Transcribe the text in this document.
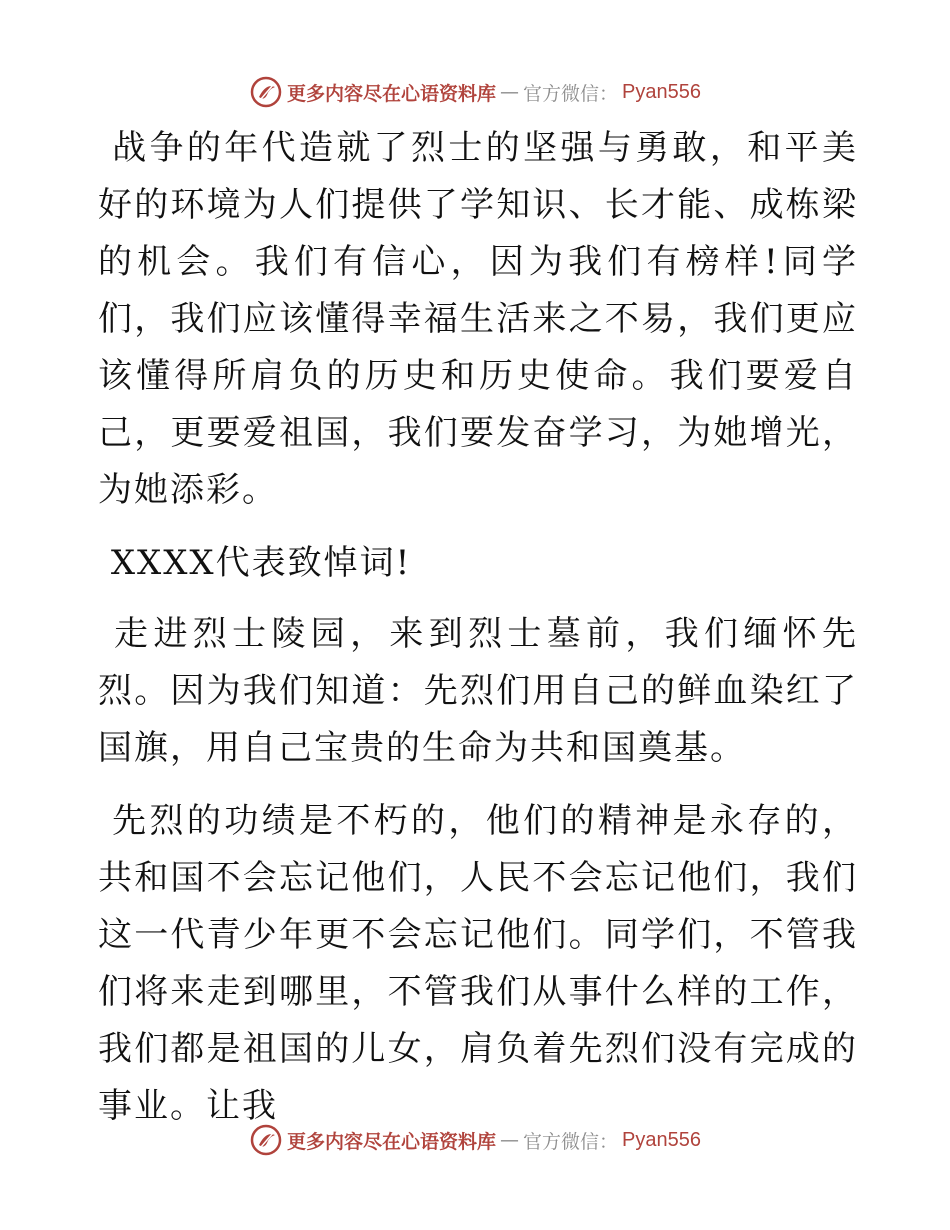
更多内容尽在心语资料库 — 官方微信： Pyan556

战争的年代造就了烈士的坚强与勇敢，和平美好的环境为人们提供了学知识、长才能、成栋梁的机会。我们有信心，因为我们有榜样!同学们，我们应该懂得幸福生活来之不易，我们更应该懂得所肩负的历史和历史使命。我们要爱自己，更要爱祖国，我们要发奋学习，为她增光，为她添彩。

XXXX代表致悼词!

走进烈士陵园，来到烈士墓前，我们缅怀先烈。因为我们知道：先烈们用自己的鲜血染红了国旗，用自己宝贵的生命为共和国奠基。

先烈的功绩是不朽的，他们的精神是永存的，共和国不会忘记他们，人民不会忘记他们，我们这一代青少年更不会忘记他们。同学们，不管我们将来走到哪里，不管我们从事什么样的工作，我们都是祖国的儿女，肩负着先烈们没有完成的事业。让我

更多内容尽在心语资料库 — 官方微信： Pyan556
